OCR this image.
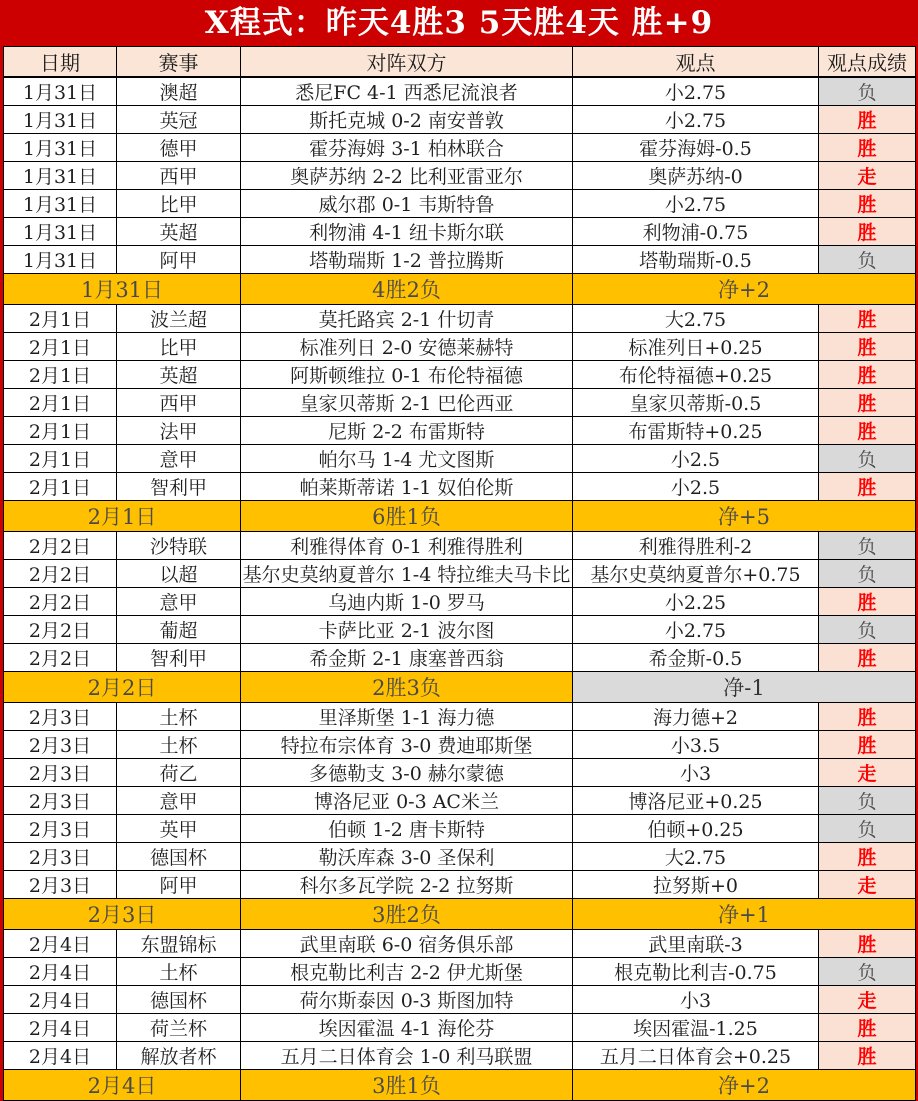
X程式：昨天4胜3 5天胜4天 胜+9
日期	赛事	对阵双方	观点	观点成绩
1月31日	澳超	悉尼FC 4-1 西悉尼流浪者	小2.75	负
1月31日	英冠	斯托克城 0-2 南安普敦	小2.75	胜
1月31日	德甲	霍芬海姆 3-1 柏林联合	霍芬海姆-0.5	胜
1月31日	西甲	奥萨苏纳 2-2 比利亚雷亚尔	奥萨苏纳-0	走
1月31日	比甲	威尔郡 0-1 韦斯特鲁	小2.75	胜
1月31日	英超	利物浦 4-1 纽卡斯尔联	利物浦-0.75	胜
1月31日	阿甲	塔勒瑞斯 1-2 普拉腾斯	塔勒瑞斯-0.5	负
1月31日		4胜2负	净+2	
2月1日	波兰超	莫托路宾 2-1 什切青	大2.75	胜
2月1日	比甲	标准列日 2-0 安德莱赫特	标准列日+0.25	胜
2月1日	英超	阿斯顿维拉 0-1 布伦特福德	布伦特福德+0.25	胜
2月1日	西甲	皇家贝蒂斯 2-1 巴伦西亚	皇家贝蒂斯-0.5	胜
2月1日	法甲	尼斯 2-2 布雷斯特	布雷斯特+0.25	胜
2月1日	意甲	帕尔马 1-4 尤文图斯	小2.5	负
2月1日	智利甲	帕莱斯蒂诺 1-1 奴伯伦斯	小2.5	胜
2月1日		6胜1负	净+5	
2月2日	沙特联	利雅得体育 0-1 利雅得胜利	利雅得胜利-2	负
2月2日	以超	基尔史莫纳夏普尔 1-4 特拉维夫马卡比	基尔史莫纳夏普尔+0.75	负
2月2日	意甲	乌迪内斯 1-0 罗马	小2.25	胜
2月2日	葡超	卡萨比亚 2-1 波尔图	小2.75	负
2月2日	智利甲	希金斯 2-1 康塞普西翁	希金斯-0.5	胜
2月2日		2胜3负	净-1	
2月3日	土杯	里泽斯堡 1-1 海力德	海力德+2	胜
2月3日	土杯	特拉布宗体育 3-0 费迪耶斯堡	小3.5	胜
2月3日	荷乙	多德勒支 3-0 赫尔蒙德	小3	走
2月3日	意甲	博洛尼亚 0-3 AC米兰	博洛尼亚+0.25	负
2月3日	英甲	伯顿 1-2 唐卡斯特	伯顿+0.25	负
2月3日	德国杯	勒沃库森 3-0 圣保利	大2.75	胜
2月3日	阿甲	科尔多瓦学院 2-2 拉努斯	拉努斯+0	走
2月3日		3胜2负	净+1	
2月4日	东盟锦标	武里南联 6-0 宿务俱乐部	武里南联-3	胜
2月4日	土杯	根克勒比利吉 2-2 伊尤斯堡	根克勒比利吉-0.75	负
2月4日	德国杯	荷尔斯泰因 0-3 斯图加特	小3	走
2月4日	荷兰杯	埃因霍温 4-1 海伦芬	埃因霍温-1.25	胜
2月4日	解放者杯	五月二日体育会 1-0 利马联盟	五月二日体育会+0.25	胜
2月4日		3胜1负	净+2	
